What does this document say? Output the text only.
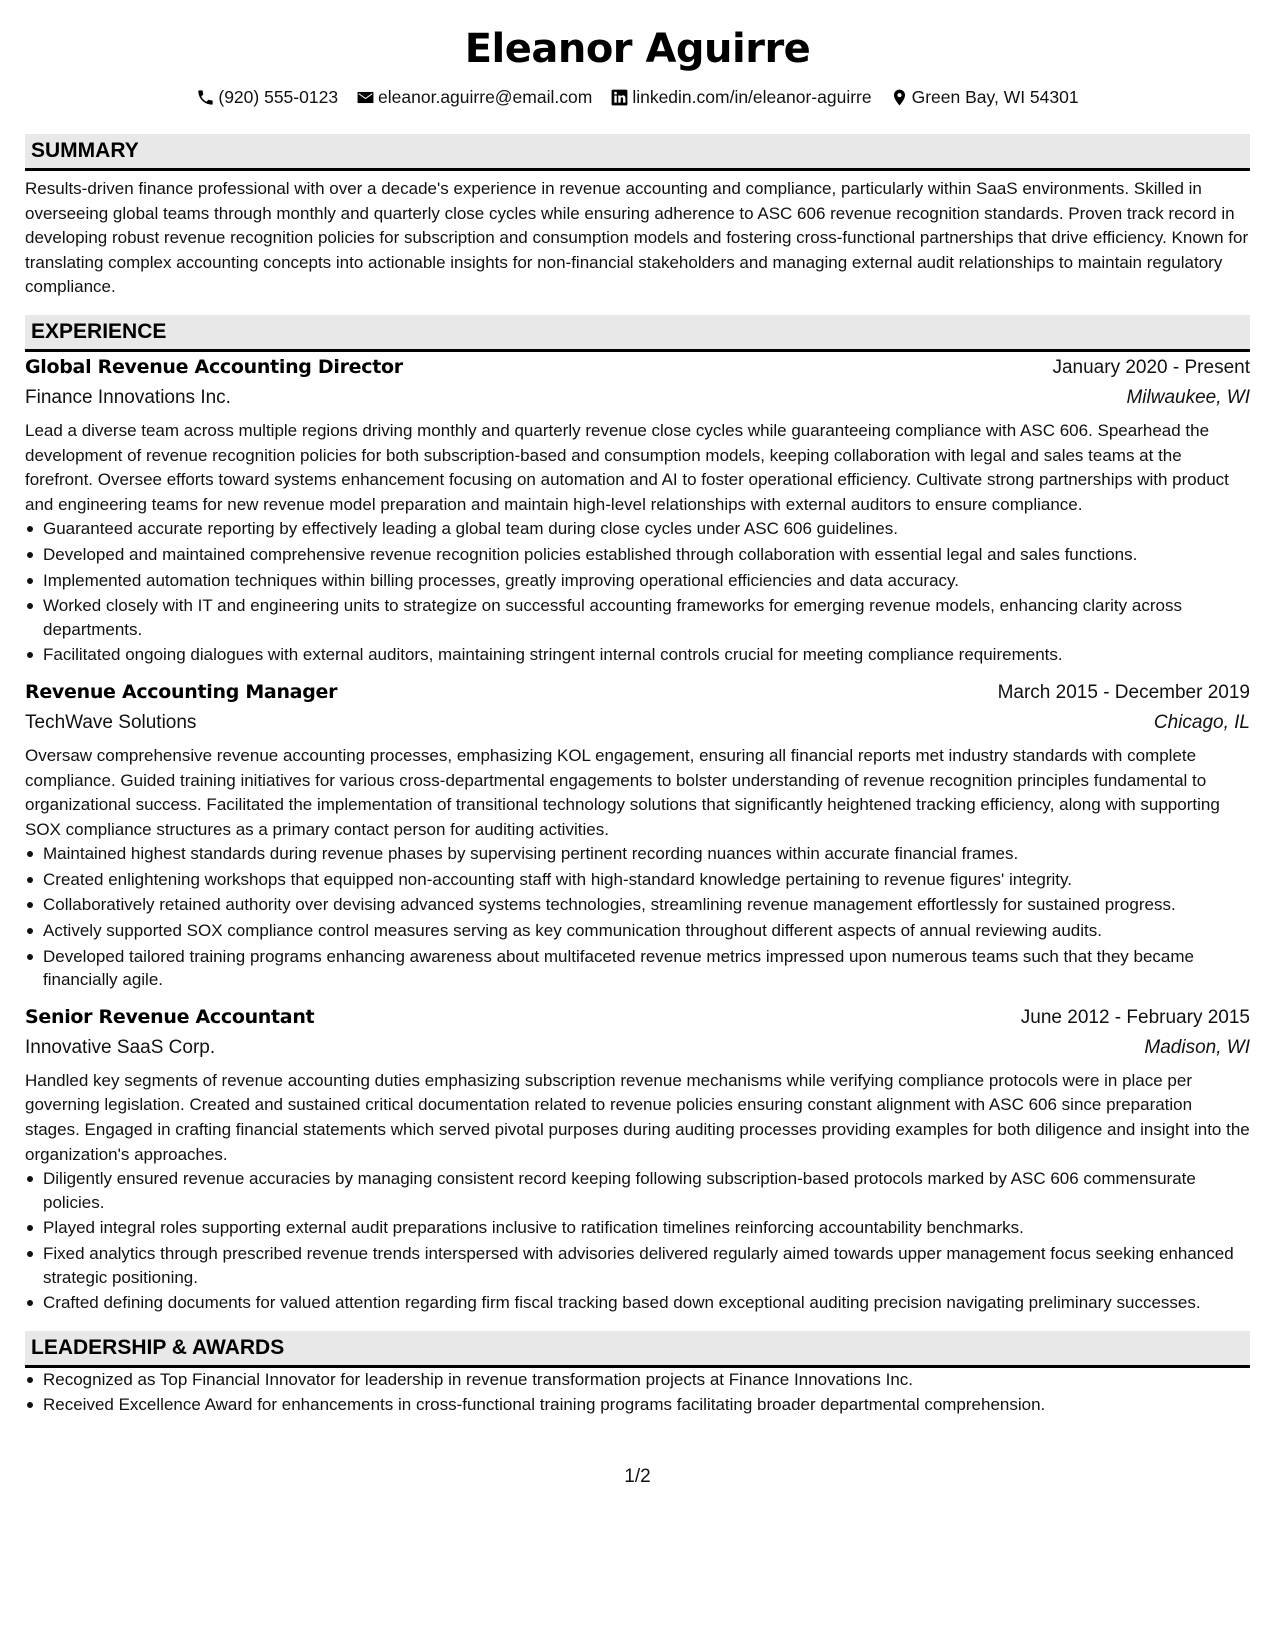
Eleanor Aguirre
(920) 555-0123 eleanor.aguirre@email.com linkedin.com/in/eleanor-aguirre Green Bay, WI 54301
SUMMARY

Results-driven finance professional with over a decade's experience in revenue accounting and compliance, particularly within SaaS environments. Skilled in overseeing global teams through monthly and quarterly close cycles while ensuring adherence to ASC 606 revenue recognition standards. Proven track record in developing robust revenue recognition policies for subscription and consumption models and fostering cross-functional partnerships that drive efficiency. Known for translating complex accounting concepts into actionable insights for non-financial stakeholders and managing external audit relationships to maintain regulatory compliance.

EXPERIENCE
Global Revenue Accounting Director	January 2020 - Present
Finance Innovations Inc.	Milwaukee, WI

Lead a diverse team across multiple regions driving monthly and quarterly revenue close cycles while guaranteeing compliance with ASC 606. Spearhead the development of revenue recognition policies for both subscription-based and consumption models, keeping collaboration with legal and sales teams at the forefront. Oversee efforts toward systems enhancement focusing on automation and AI to foster operational efficiency. Cultivate strong partnerships with product and engineering teams for new revenue model preparation and maintain high-level relationships with external auditors to ensure compliance.

Guaranteed accurate reporting by effectively leading a global team during close cycles under ASC 606 guidelines.
Developed and maintained comprehensive revenue recognition policies established through collaboration with essential legal and sales functions.
Implemented automation techniques within billing processes, greatly improving operational efficiencies and data accuracy.
Worked closely with IT and engineering units to strategize on successful accounting frameworks for emerging revenue models, enhancing clarity across departments.
Facilitated ongoing dialogues with external auditors, maintaining stringent internal controls crucial for meeting compliance requirements.
Revenue Accounting Manager	March 2015 - December 2019
TechWave Solutions	Chicago, IL

Oversaw comprehensive revenue accounting processes, emphasizing KOL engagement, ensuring all financial reports met industry standards with complete compliance. Guided training initiatives for various cross-departmental engagements to bolster understanding of revenue recognition principles fundamental to organizational success. Facilitated the implementation of transitional technology solutions that significantly heightened tracking efficiency, along with supporting SOX compliance structures as a primary contact person for auditing activities.

Maintained highest standards during revenue phases by supervising pertinent recording nuances within accurate financial frames.
Created enlightening workshops that equipped non-accounting staff with high-standard knowledge pertaining to revenue figures' integrity.
Collaboratively retained authority over devising advanced systems technologies, streamlining revenue management effortlessly for sustained progress.
Actively supported SOX compliance control measures serving as key communication throughout different aspects of annual reviewing audits.
Developed tailored training programs enhancing awareness about multifaceted revenue metrics impressed upon numerous teams such that they became financially agile.
Senior Revenue Accountant	June 2012 - February 2015
Innovative SaaS Corp.	Madison, WI

Handled key segments of revenue accounting duties emphasizing subscription revenue mechanisms while verifying compliance protocols were in place per governing legislation. Created and sustained critical documentation related to revenue policies ensuring constant alignment with ASC 606 since preparation stages. Engaged in crafting financial statements which served pivotal purposes during auditing processes providing examples for both diligence and insight into the organization's approaches.

Diligently ensured revenue accuracies by managing consistent record keeping following subscription-based protocols marked by ASC 606 commensurate policies.
Played integral roles supporting external audit preparations inclusive to ratification timelines reinforcing accountability benchmarks.
Fixed analytics through prescribed revenue trends interspersed with advisories delivered regularly aimed towards upper management focus seeking enhanced strategic positioning.
Crafted defining documents for valued attention regarding firm fiscal tracking based down exceptional auditing precision navigating preliminary successes.
LEADERSHIP & AWARDS
Recognized as Top Financial Innovator for leadership in revenue transformation projects at Finance Innovations Inc.
Received Excellence Award for enhancements in cross-functional training programs facilitating broader departmental comprehension.
1/2
